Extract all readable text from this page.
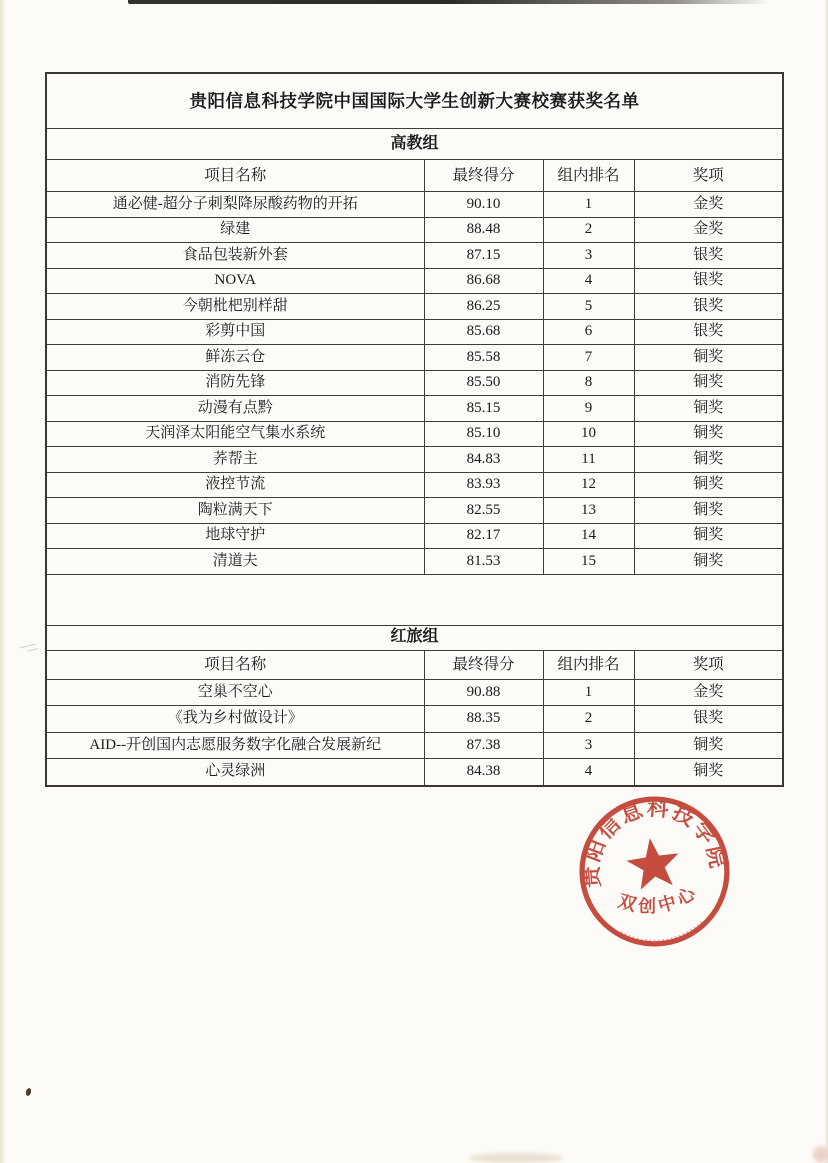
贵阳信息科技学院中国国际大学生创新大赛校赛获奖名单			
高教组			
项目名称	最终得分	组内排名	奖项
通必健-超分子刺梨降尿酸药物的开拓	90.10	1	金奖
绿建	88.48	2	金奖
食品包装新外套	87.15	3	银奖
NOVA	86.68	4	银奖
今朝枇杷别样甜	86.25	5	银奖
彩剪中国	85.68	6	银奖
鲜冻云仓	85.58	7	铜奖
消防先锋	85.50	8	铜奖
动漫有点黔	85.15	9	铜奖
天润泽太阳能空气集水系统	85.10	10	铜奖
荞帮主	84.83	11	铜奖
液控节流	83.93	12	铜奖
陶粒满天下	82.55	13	铜奖
地球守护	82.17	14	铜奖
清道夫	81.53	15	铜奖

红旅组			
项目名称	最终得分	组内排名	奖项
空巢不空心	90.88	1	金奖
《我为乡村做设计》	88.35	2	银奖
AID--开创国内志愿服务数字化融合发展新纪	87.38	3	铜奖
心灵绿洲	84.38	4	铜奖
贵阳信息科技学院
双创中心
